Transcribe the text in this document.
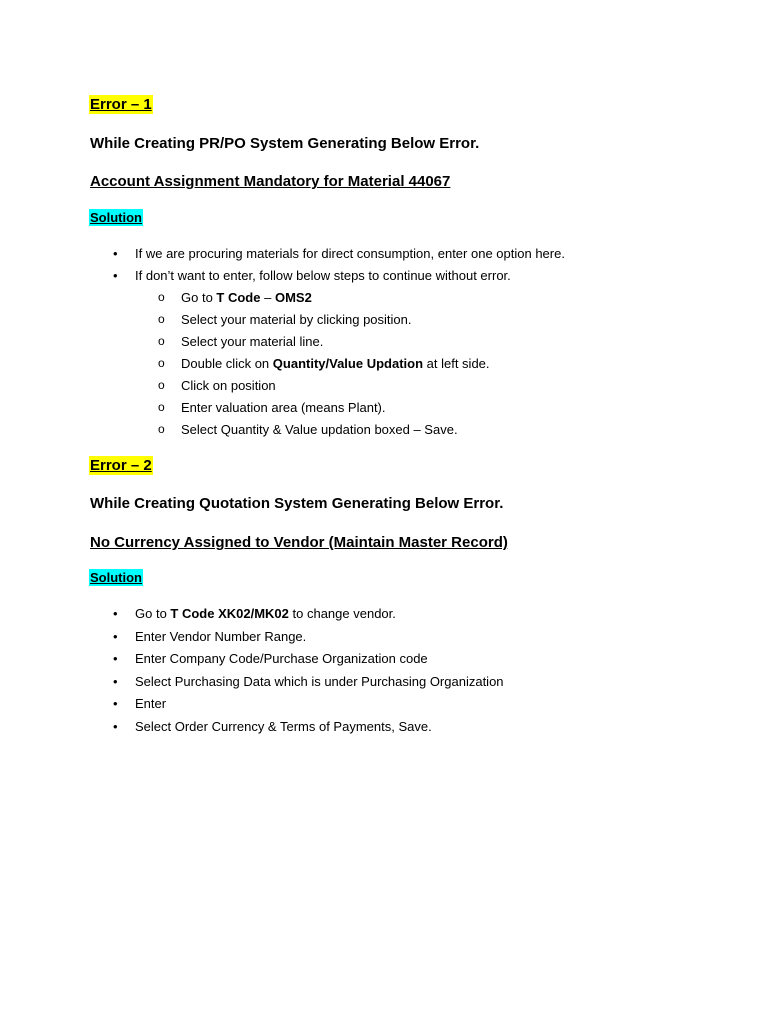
Error – 1
While Creating PR/PO System Generating Below Error.
Account Assignment Mandatory for Material 44067
Solution
•	If we are procuring materials for direct consumption, enter one option here.
•	If don’t want to enter, follow below steps to continue without error.
o Go to T Code – OMS2
o Select your material by clicking position.
o Select your material line.
o Double click on Quantity/Value Updation at left side.
o Click on position
o Enter valuation area (means Plant).
o Select Quantity & Value updation boxed – Save.
Error – 2
While Creating Quotation System Generating Below Error.
No Currency Assigned to Vendor (Maintain Master Record)
Solution
•	Go to T Code XK02/MK02 to change vendor.
•	Enter Vendor Number Range.
•	Enter Company Code/Purchase Organization code
•	Select Purchasing Data which is under Purchasing Organization
•	Enter
•	Select Order Currency & Terms of Payments, Save.
